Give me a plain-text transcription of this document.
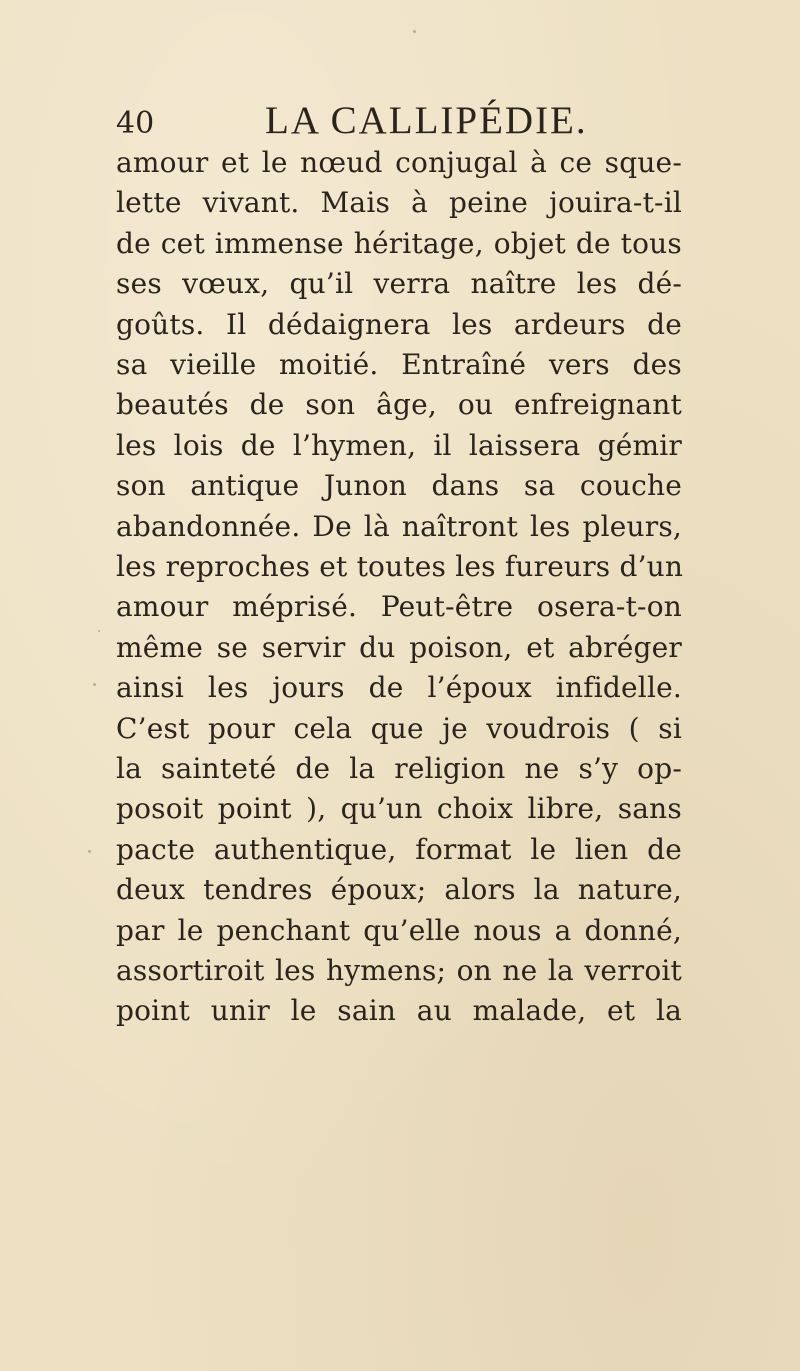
40	LA CALLIPÉDIE.
amour et le nœud conjugal à ce sque-
lette vivant. Mais à peine jouira-t-il
de cet immense héritage, objet de tous
ses vœux, qu’il verra naître les dé-
goûts. Il dédaignera les ardeurs de
sa vieille moitié. Entraîné vers des
beautés de son âge, ou enfreignant
les lois de l’hymen, il laissera gémir
son antique Junon dans sa couche
abandonnée. De là naîtront les pleurs,
les reproches et toutes les fureurs d’un
amour méprisé. Peut-être osera-t-on
même se servir du poison, et abréger
ainsi les jours de l’époux infidelle.
C’est pour cela que je voudrois ( si
la sainteté de la religion ne s’y op-
posoit point ), qu’un choix libre, sans
pacte authentique, format le lien de
deux tendres époux; alors la nature,
par le penchant qu’elle nous a donné,
assortiroit les hymens; on ne la verroit
point unir le sain au malade, et la
